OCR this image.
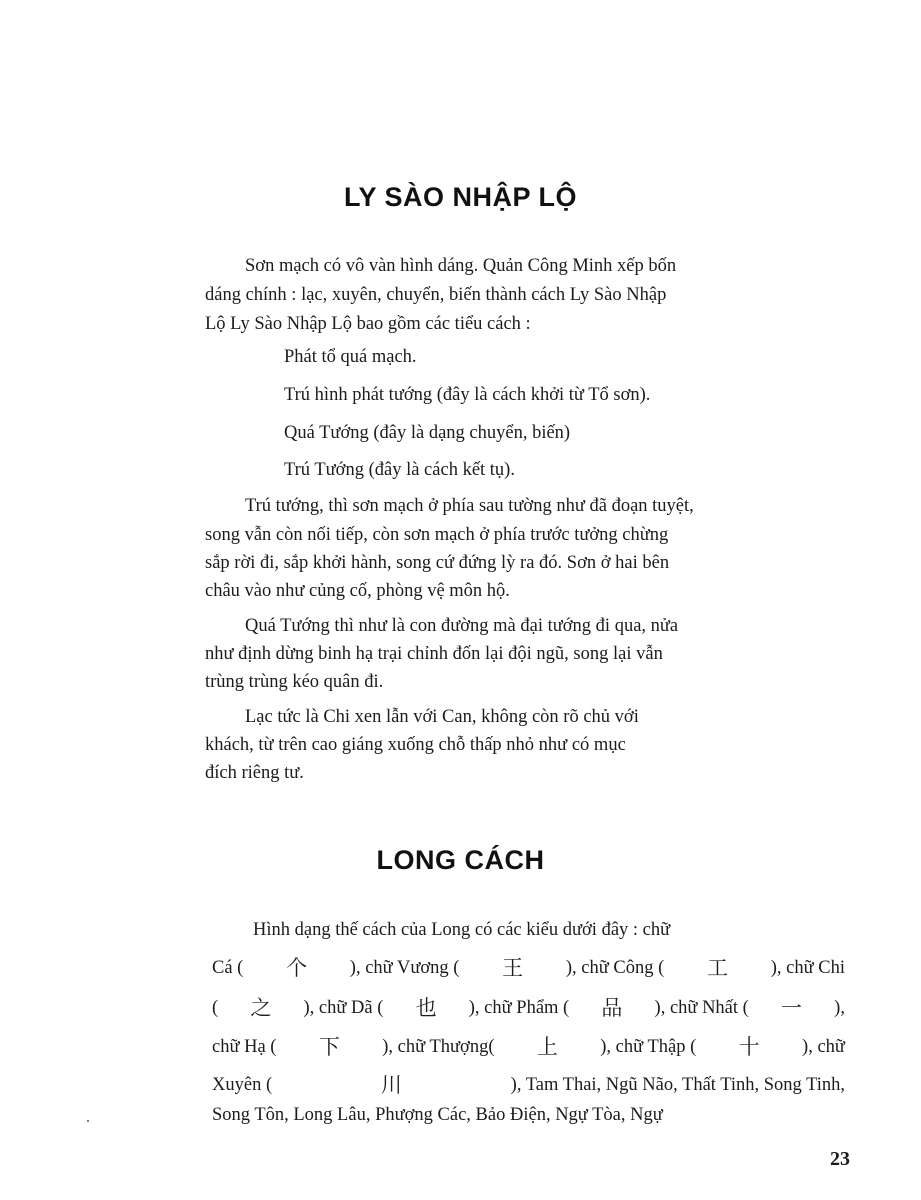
LY SÀO NHẬP LỘ
Sơn mạch có vô vàn hình dáng. Quản Công Minh xếp bốn
dáng chính : lạc, xuyên, chuyển, biến thành cách Ly Sào Nhập
Lộ Ly Sào Nhập Lộ bao gồm các tiểu cách :
Phát tổ quá mạch.
Trú hình phát tướng (đây là cách khởi từ Tổ sơn).
Quá Tướng (đây là dạng chuyển, biến)
Trú Tướng (đây là cách kết tụ).
Trú tướng, thì sơn mạch ở phía sau tường như đã đoạn tuyệt,
song vẫn còn nối tiếp, còn sơn mạch ở phía trước tưởng chừng
sắp rời đi, sắp khởi hành, song cứ đứng lỳ ra đó. Sơn ở hai bên
châu vào như củng cố, phòng vệ môn hộ.
Quá Tướng thì như là con đường mà đại tướng đi qua, nửa
như định dừng binh hạ trại chỉnh đốn lại đội ngũ, song lại vẫn
trùng trùng kéo quân đi.
Lạc tức là Chi xen lẫn với Can, không còn rõ chủ với
khách, từ trên cao giáng xuống chỗ thấp nhỏ như có mục
đích riêng tư.
LONG CÁCH
Hình dạng thế cách của Long có các kiểu dưới đây : chữ
Cá ( 个 ), chữ Vương ( 王 ), chữ Công ( 工 ), chữ Chi
( 之 ), chữ Dã ( 也 ), chữ Phẩm ( 品 ), chữ Nhất ( 一 ),
chữ Hạ ( 下 ), chữ Thượng( 上 ), chữ Thập ( 十 ), chữ
Xuyên (	川	), Tam Thai, Ngũ Não, Thất Tinh, Song Tinh,
Song Tôn, Long Lâu, Phượng Các, Bảo Điện, Ngự Tòa, Ngự
23
